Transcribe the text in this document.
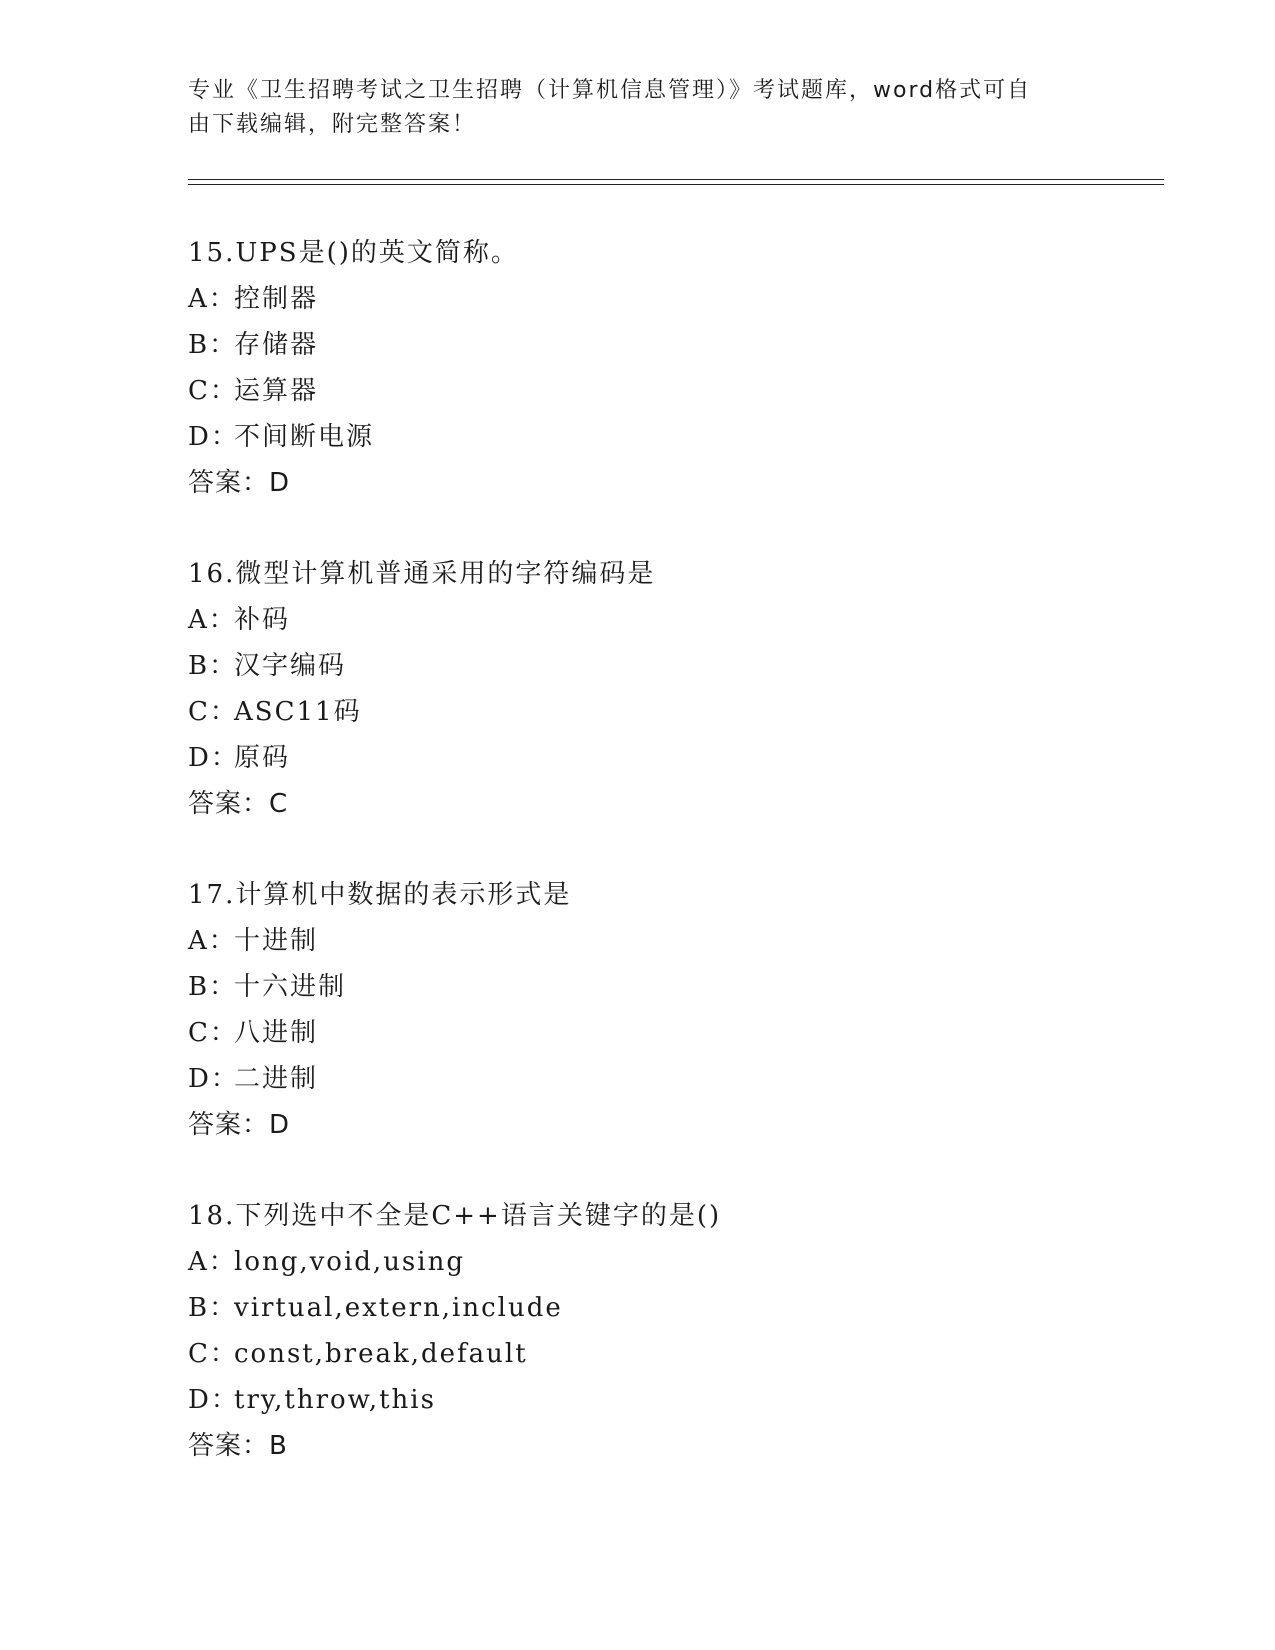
专业《卫生招聘考试之卫生招聘（计算机信息管理）》考试题库，word格式可自
由下载编辑，附完整答案！
15.UPS是()的英文简称。
A：控制器
B：存储器
C：运算器
D：不间断电源
答案：D
16.微型计算机普通采用的字符编码是
A：补码
B：汉字编码
C：ASC11码
D：原码
答案：C
17.计算机中数据的表示形式是
A：十进制
B：十六进制
C：八进制
D：二进制
答案：D
18.下列选中不全是C++语言关键字的是()
A：long,void,using
B：virtual,extern,include
C：const,break,default
D：try,throw,this
答案：B
